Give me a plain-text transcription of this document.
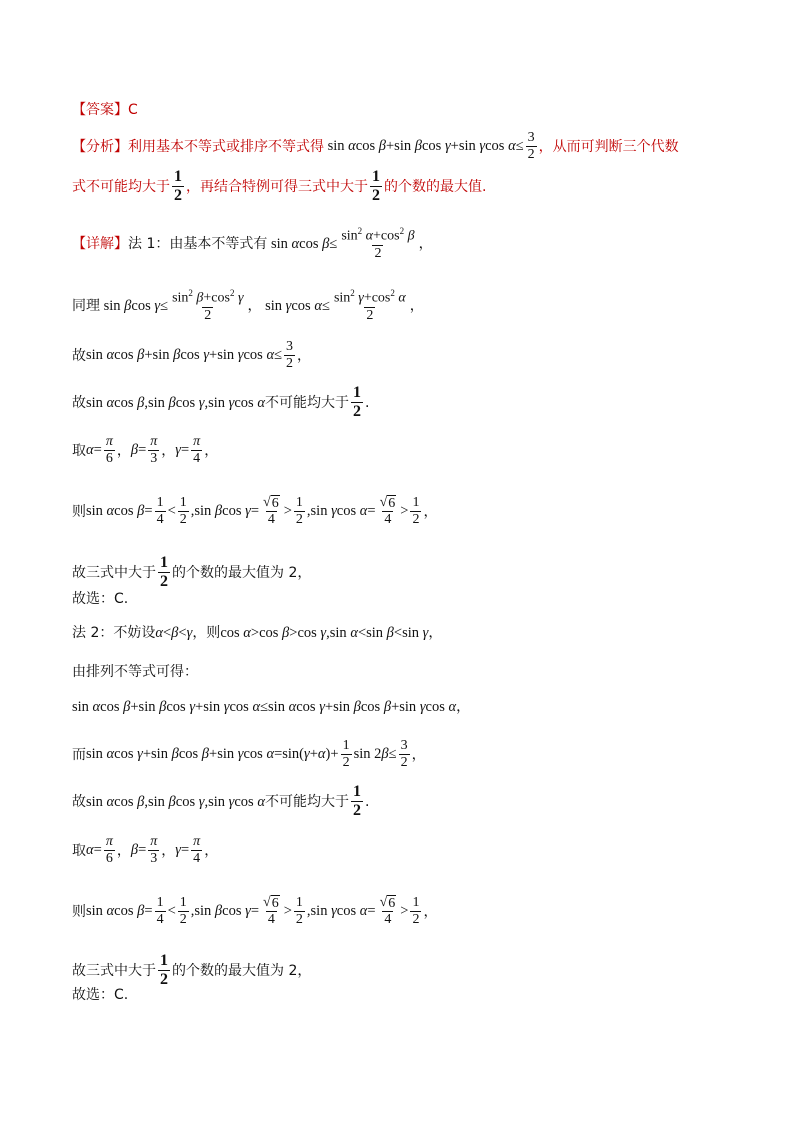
【答案】 C
【分析】 利用基本不等式或排序不等式得 sin αcos β+sin βcos γ+sin γcos $\alpha\le \frac{3}{2}$ ，从而可判断三个代数
式不可能均大于 $\frac{1}{2}$ ，再结合特例可得三式中大于 $\frac{1}{2}$ 的个数的最大值.
【详解】 法 1：由基本不等式有 sin αcos $\beta\le \frac{\sin^2 \alpha+\cos^2 \beta}{2}$ ，
同理 sin βcos $\gamma\le \frac{\sin^2 \beta+\cos^2 \gamma}{2}$ ， sin γcos $\alpha\le \frac{\sin^2 \gamma+\cos^2 \alpha}{2}$ ，
故 sin αcos β+sin βcos γ+sin γcos $\alpha\le \frac{3}{2}$ ，
故 sin αcos β,sin βcos γ,sin γcos α 不可能均大于 $\frac{1}{2}$ .
取 $\alpha= \frac{\pi}{6}$ ， $\beta= \frac{\pi}{3}$ ， $\gamma= \frac{\pi}{4}$ ，
则 sin αcos $\beta= \frac{1}{4} < \frac{1}{2} ,\sin$ βcos $\gamma= \frac{√ 6}{4} > \frac{1}{2} ,\sin$ γcos $\alpha= \frac{√ 6}{4} > \frac{1}{2}$ ，
故三式中大于 $\frac{1}{2}$ 的个数的最大值为 2，
故选：C.
法 2：不妨设 α<β<γ ，则 cos α>cos β>cos γ,sin α<sin β<sin γ ，
由排列不等式可得：
sin αcos β+sin βcos γ+sin γcos α≤sin αcos γ+sin βcos β+sin γcos α ，
而 sin αcos γ+sin βcos β+sin γcos $\alpha=\sin(\gamma+\alpha)+ \frac{1}{2}$ $\sin 2\beta\le \frac{3}{2}$ ，
故 sin αcos β,sin βcos γ,sin γcos α 不可能均大于 $\frac{1}{2}$ .
取 $\alpha= \frac{\pi}{6}$ ， $\beta= \frac{\pi}{3}$ ， $\gamma= \frac{\pi}{4}$ ，
则 sin αcos $\beta= \frac{1}{4} < \frac{1}{2} ,\sin$ βcos $\gamma= \frac{√ 6}{4} > \frac{1}{2} ,\sin$ γcos $\alpha= \frac{√ 6}{4} > \frac{1}{2}$ ，
故三式中大于 $\frac{1}{2}$ 的个数的最大值为 2，
故选：C.
